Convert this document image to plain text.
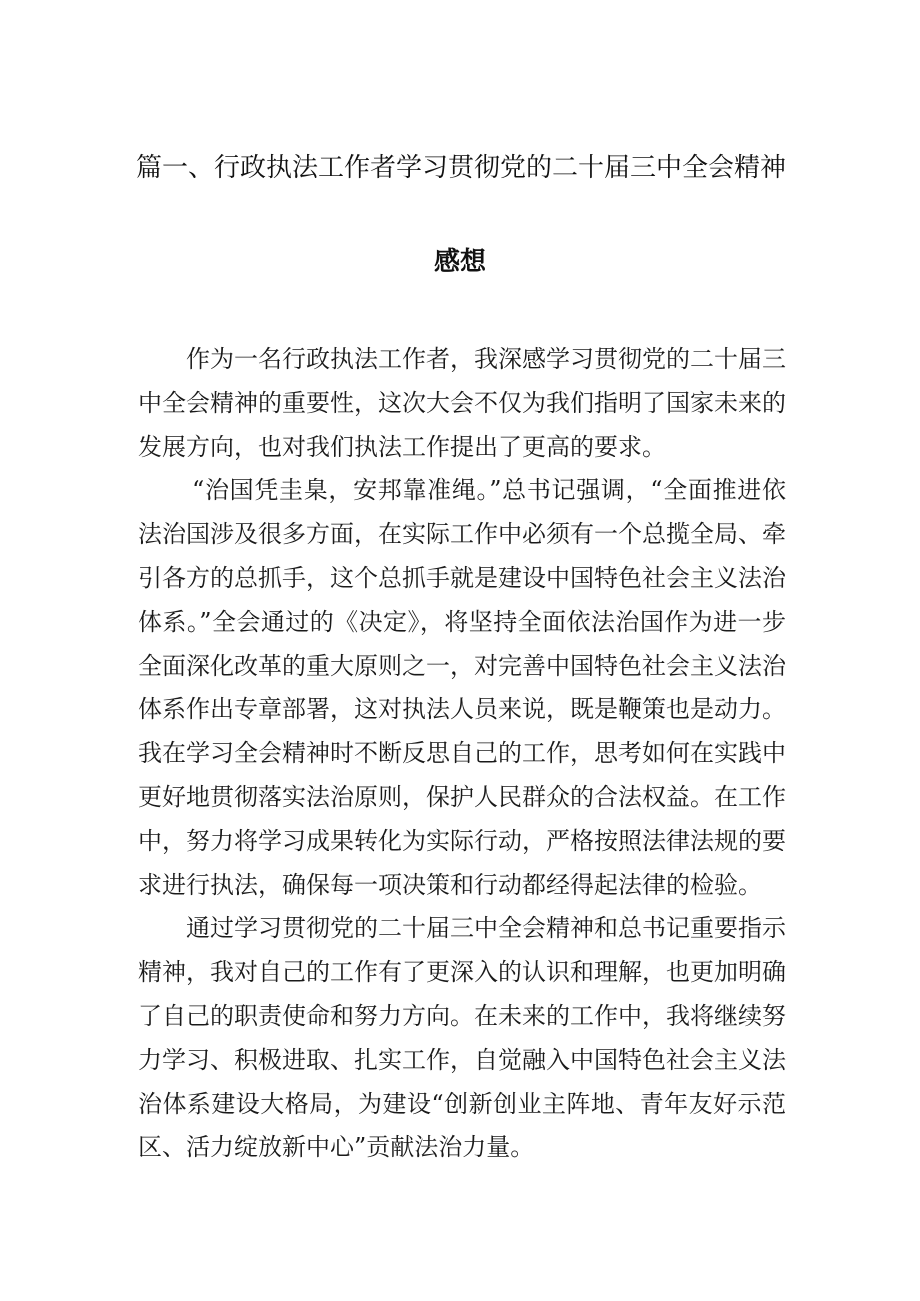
篇一、行政执法工作者学习贯彻党的二十届三中全会精神
感想

作为一名行政执法工作者，我深感学习贯彻党的二十届三中全会精神的重要性，这次大会不仅为我们指明了国家未来的发展方向，也对我们执法工作提出了更高的要求。

“治国凭圭臬，安邦靠准绳。”总书记强调，“全面推进依法治国涉及很多方面，在实际工作中必须有一个总揽全局、牵引各方的总抓手，这个总抓手就是建设中国特色社会主义法治体系。”全会通过的《决定》，将坚持全面依法治国作为进一步全面深化改革的重大原则之一，对完善中国特色社会主义法治体系作出专章部署，这对执法人员来说，既是鞭策也是动力。我在学习全会精神时不断反思自己的工作，思考如何在实践中更好地贯彻落实法治原则，保护人民群众的合法权益。在工作中，努力将学习成果转化为实际行动，严格按照法律法规的要求进行执法，确保每一项决策和行动都经得起法律的检验。

通过学习贯彻党的二十届三中全会精神和总书记重要指示精神，我对自己的工作有了更深入的认识和理解，也更加明确了自己的职责使命和努力方向。在未来的工作中，我将继续努力学习、积极进取、扎实工作，自觉融入中国特色社会主义法治体系建设大格局，为建设“创新创业主阵地、青年友好示范区、活力绽放新中心”贡献法治力量。
